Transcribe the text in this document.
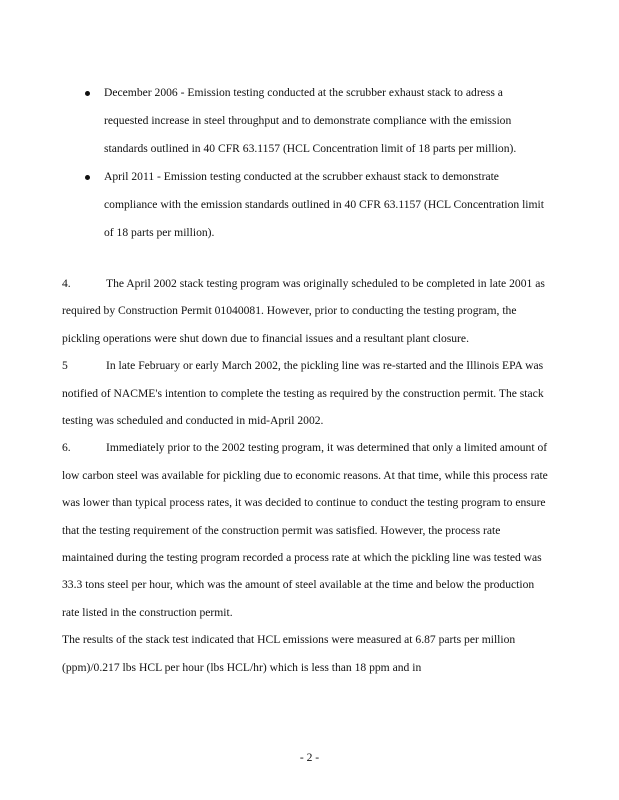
December 2006 - Emission testing conducted at the scrubber exhaust stack to adress a requested increase in steel throughput and to demonstrate compliance with the emission standards outlined in 40 CFR 63.1157 (HCL Concentration limit of 18 parts per million).
April 2011 - Emission testing conducted at the scrubber exhaust stack to demonstrate compliance with the emission standards outlined in 40 CFR 63.1157 (HCL Concentration limit of 18 parts per million).

4.	The April 2002 stack testing program was originally scheduled to be completed in late 2001 as required by Construction Permit 01040081. However, prior to conducting the testing program, the pickling operations were shut down due to financial issues and a resultant plant closure.

5	In late February or early March 2002, the pickling line was re-started and the Illinois EPA was notified of NACME's intention to complete the testing as required by the construction permit. The stack testing was scheduled and conducted in mid-April 2002.

6.	Immediately prior to the 2002 testing program, it was determined that only a limited amount of low carbon steel was available for pickling due to economic reasons. At that time, while this process rate was lower than typical process rates, it was decided to continue to conduct the testing program to ensure that the testing requirement of the construction permit was satisfied. However, the process rate maintained during the testing program recorded a process rate at which the pickling line was tested was 33.3 tons steel per hour, which was the amount of steel available at the time and below the production rate listed in the construction permit.

The results of the stack test indicated that HCL emissions were measured at 6.87 parts per million (ppm)/0.217 lbs HCL per hour (lbs HCL/hr) which is less than 18 ppm and in

- 2 -
